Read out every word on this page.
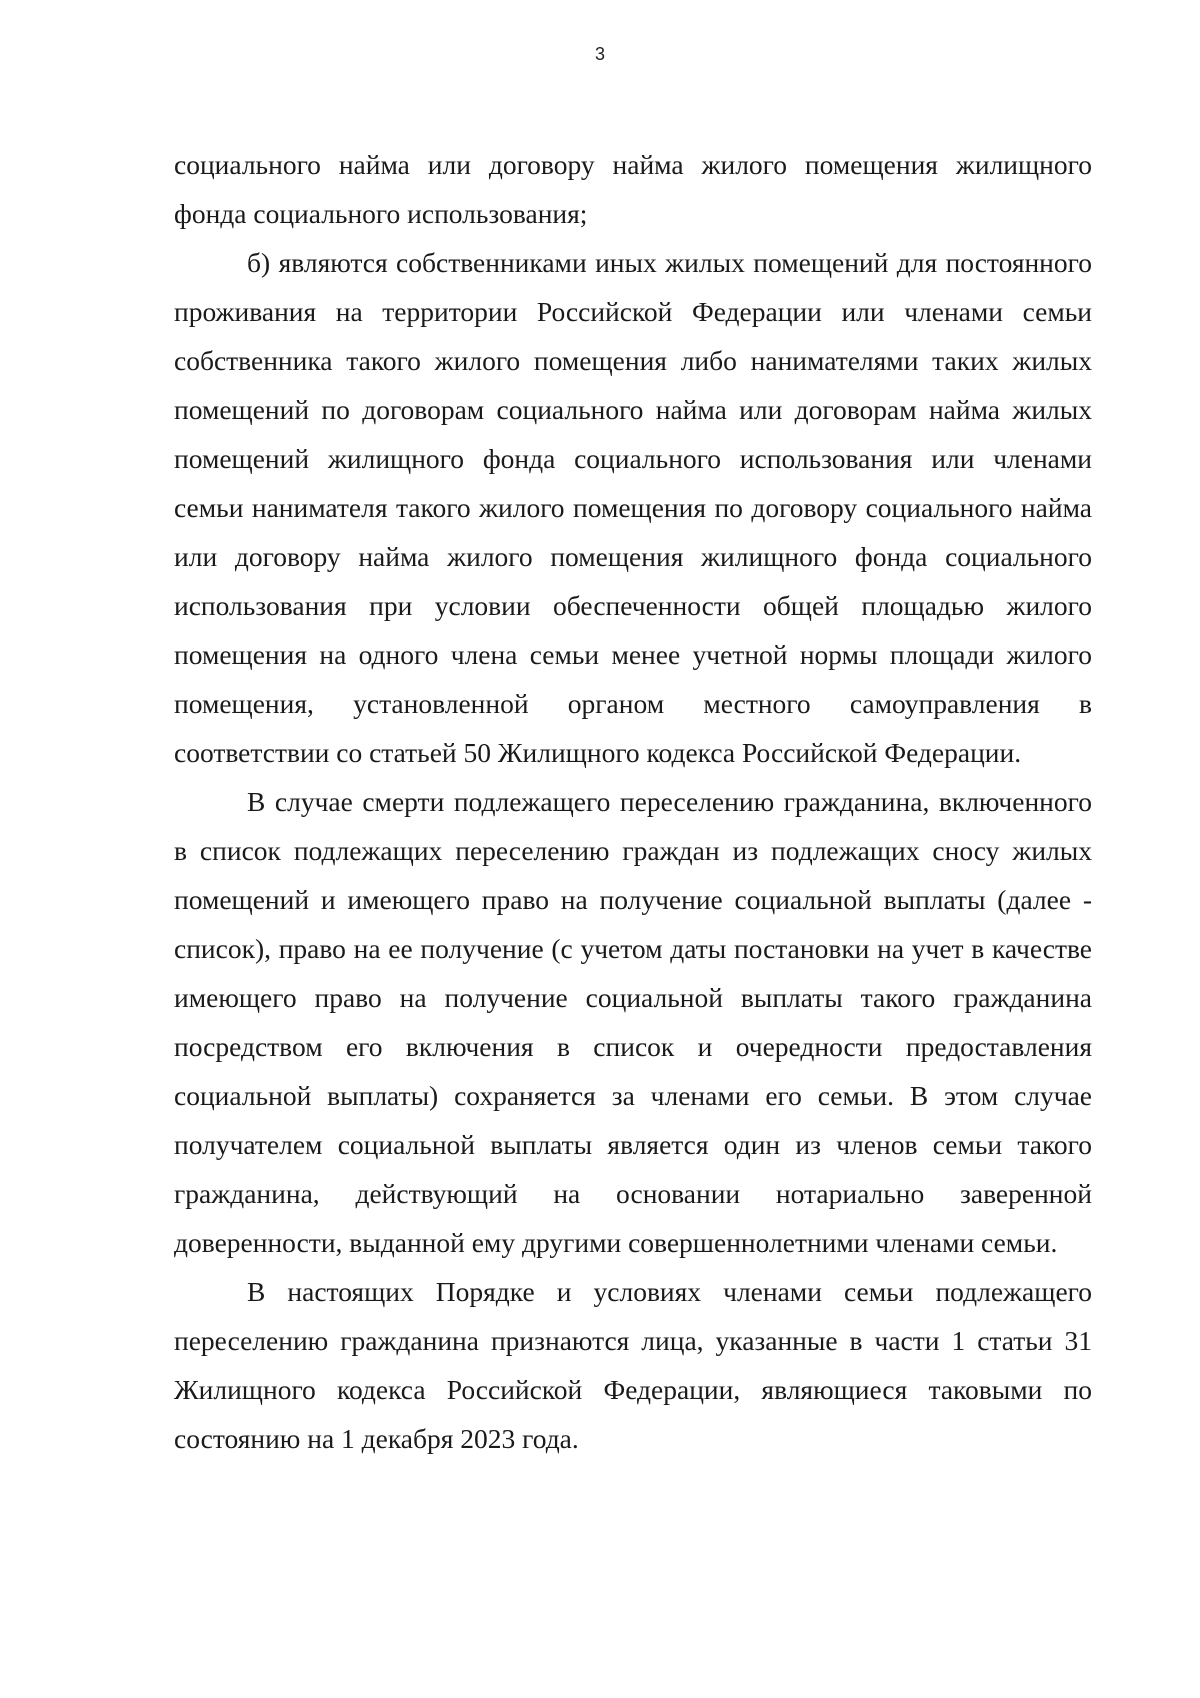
3

социального найма или договору найма жилого помещения жилищного фонда социального использования;

б) являются собственниками иных жилых помещений для постоянного проживания на территории Российской Федерации или членами семьи собственника такого жилого помещения либо нанимателями таких жилых помещений по договорам социального найма или договорам найма жилых помещений жилищного фонда социального использования или членами семьи нанимателя такого жилого помещения по договору социального найма или договору найма жилого помещения жилищного фонда социального использования при условии обеспеченности общей площадью жилого помещения на одного члена семьи менее учетной нормы площади жилого помещения, установленной органом местного самоуправления в соответствии со статьей 50 Жилищного кодекса Российской Федерации.

В случае смерти подлежащего переселению гражданина, включенного в список подлежащих переселению граждан из подлежащих сносу жилых помещений и имеющего право на получение социальной выплаты (далее - список), право на ее получение (с учетом даты постановки на учет в качестве имеющего право на получение социальной выплаты такого гражданина посредством его включения в список и очередности предоставления социальной выплаты) сохраняется за членами его семьи. В этом случае получателем социальной выплаты является один из членов семьи такого гражданина, действующий на основании нотариально заверенной доверенности, выданной ему другими совершеннолетними членами семьи.

В настоящих Порядке и условиях членами семьи подлежащего переселению гражданина признаются лица, указанные в части 1 статьи 31 Жилищного кодекса Российской Федерации, являющиеся таковыми по состоянию на 1 декабря 2023 года.
